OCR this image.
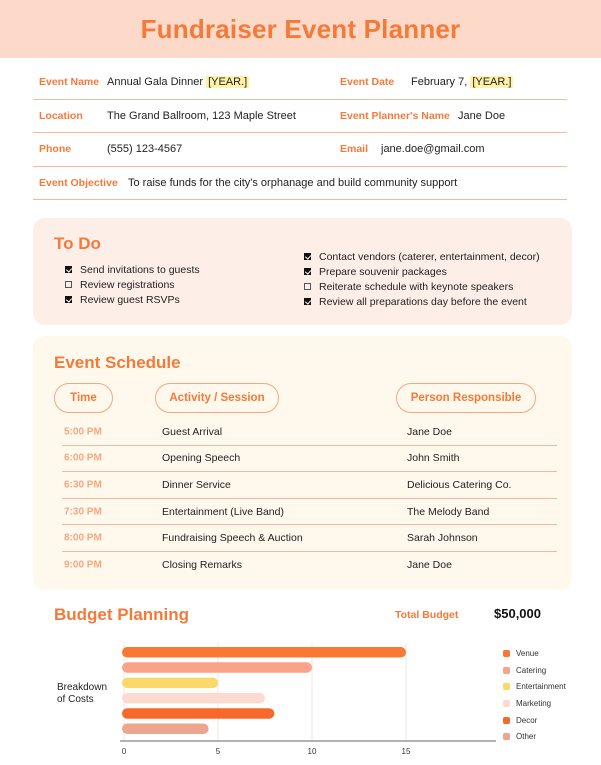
Fundraiser Event Planner
Event Name Annual Gala Dinner [YEAR.]	Event Date February 7, [YEAR.]
Location The Grand Ballroom, 123 Maple Street	Event Planner's Name Jane Doe
Phone	(555) 123-4567	Email jane.doe@gmail.com
Event Objective To raise funds for the city's orphanage and build community support
To Do
Send invitations to guests
Review registrations
Review guest RSVPs
Contact vendors (caterer, entertainment, decor)
Prepare souvenir packages
Reiterate schedule with keynote speakers
Review all preparations day before the event
Event Schedule
Time	Activity / Session	Person Responsible
5:00 PM	Guest Arrival	Jane Doe
6:00 PM	Opening Speech	John Smith
6:30 PM	Dinner Service	Delicious Catering Co.
7:30 PM	Entertainment (Live Band)	The Melody Band
8:00 PM	Fundraising Speech & Auction	Sarah Johnson
9:00 PM	Closing Remarks	Jane Doe
Budget Planning	Total Budget	$50,000
Breakdown of Costs
0	5	10	15
Venue
Catering
Entertainment
Marketing
Decor
Other
